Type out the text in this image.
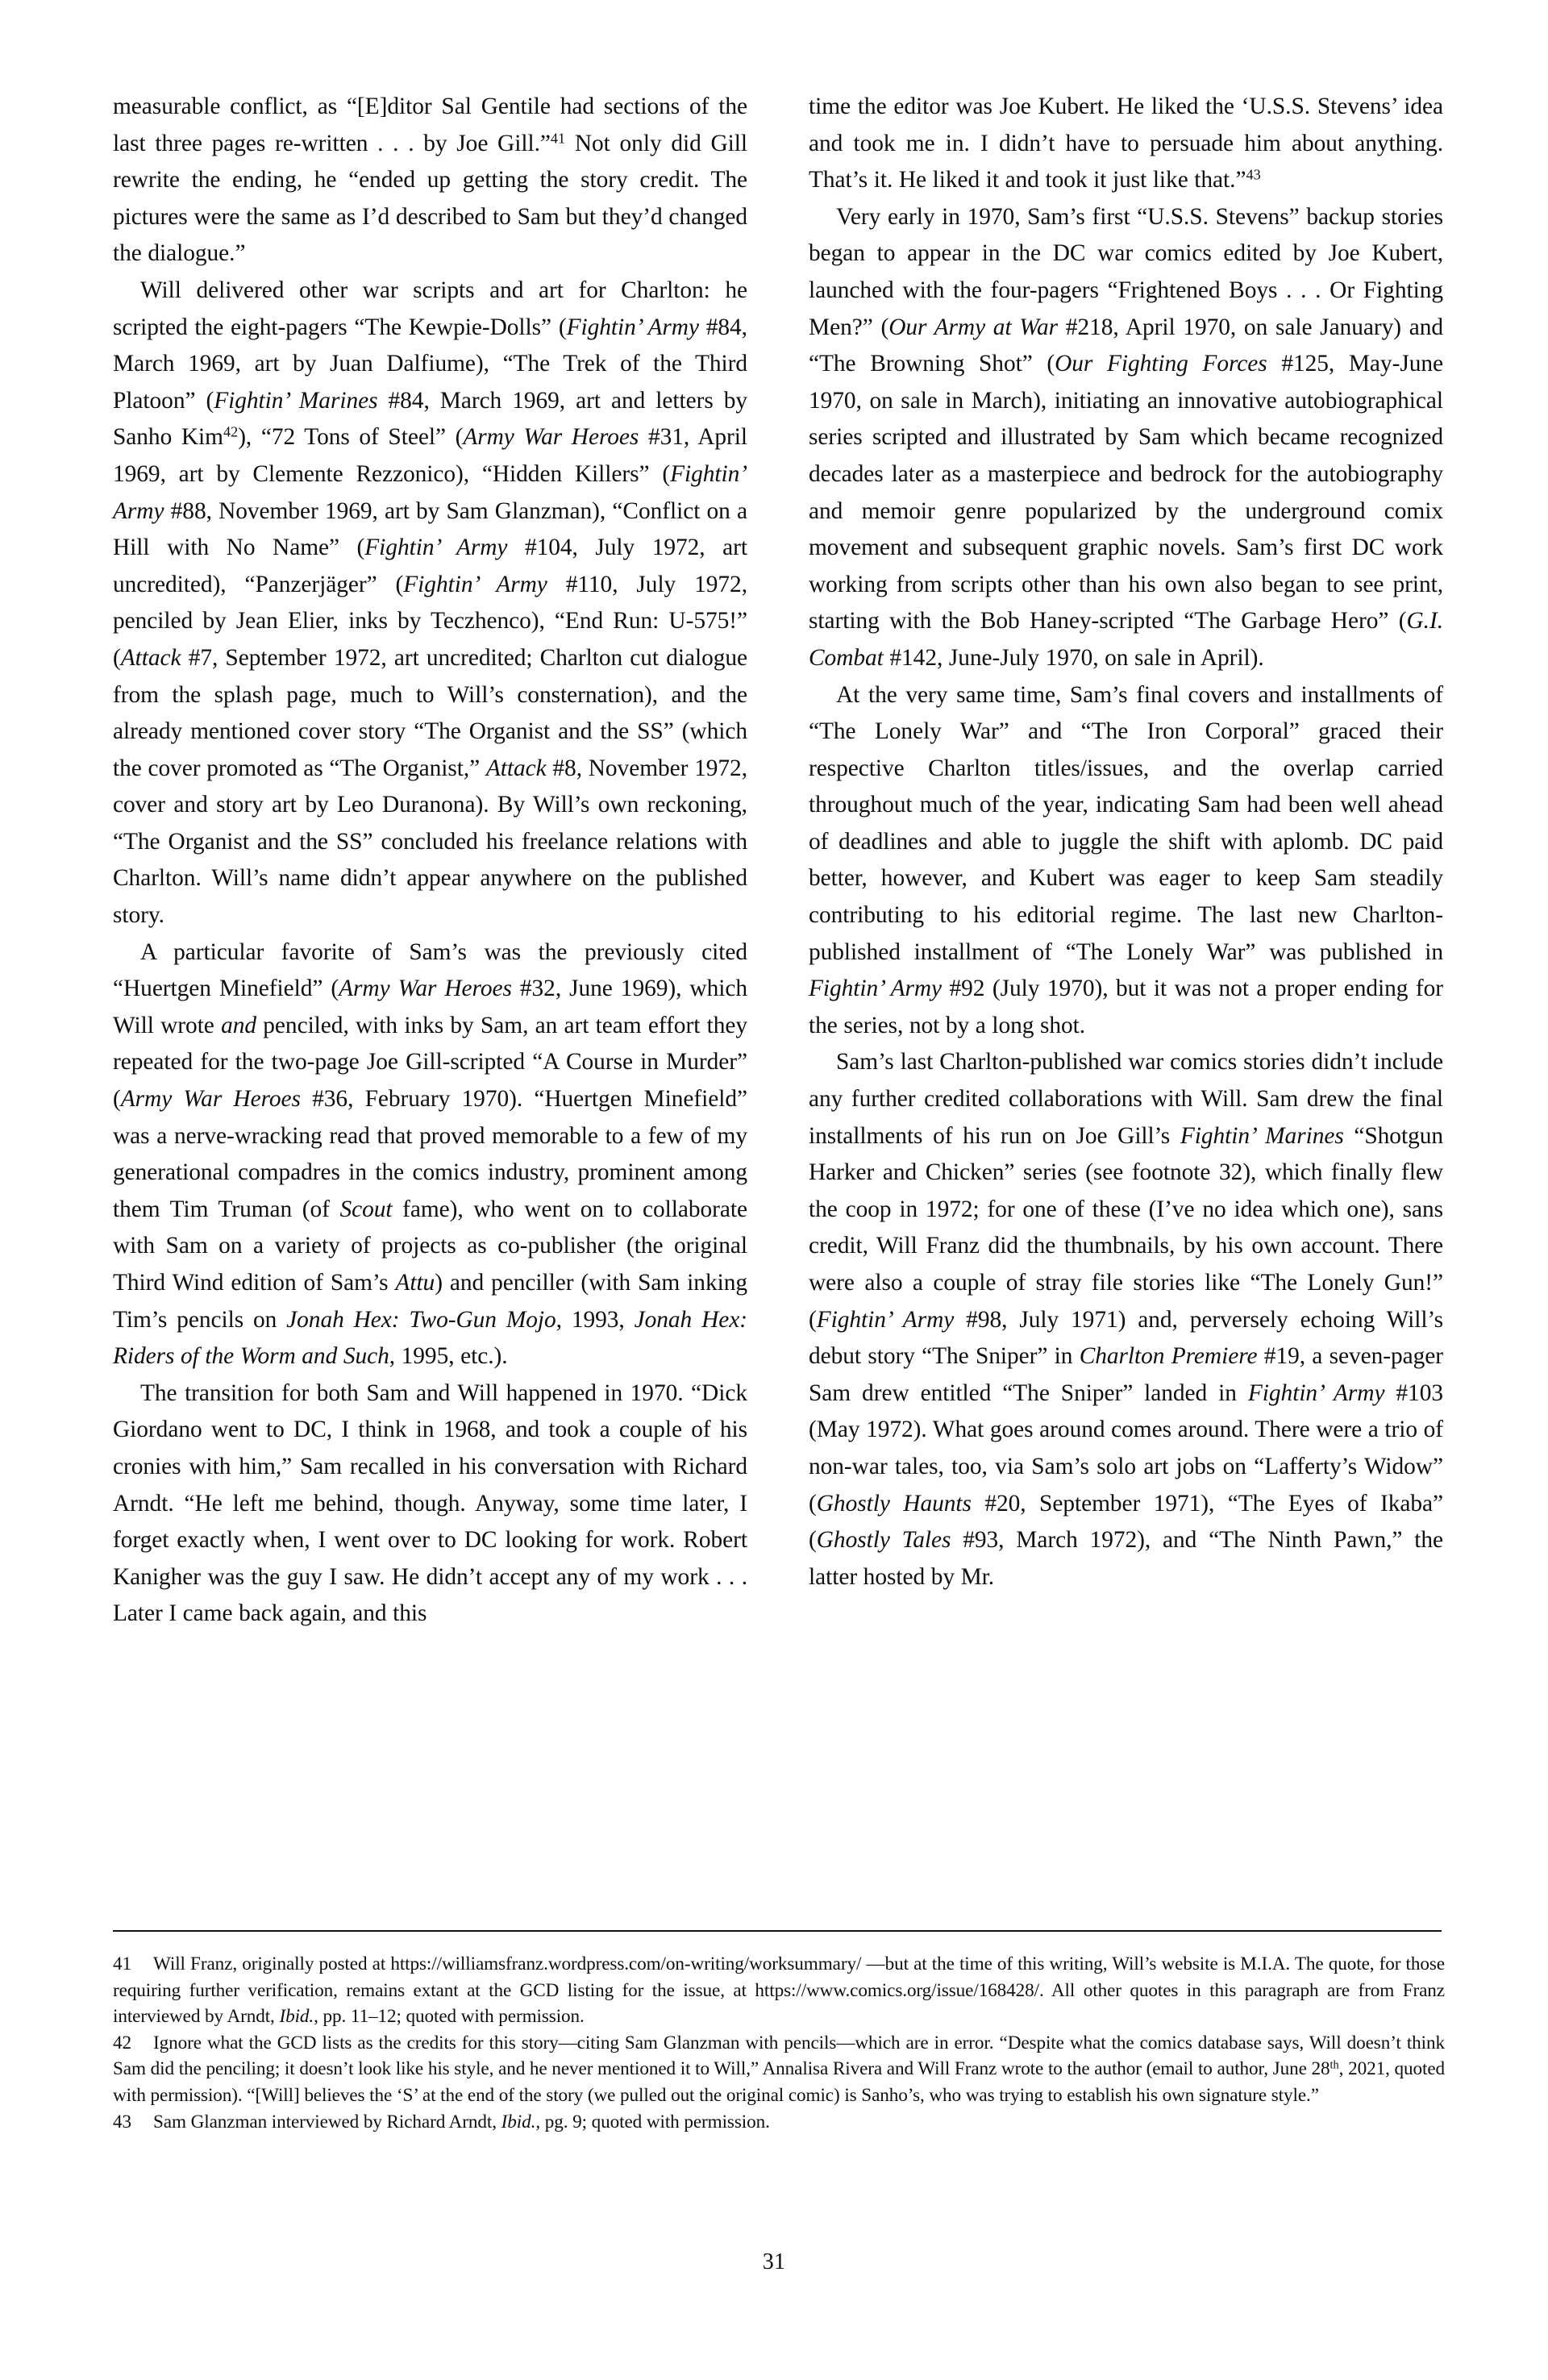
measurable conflict, as “[E]ditor Sal Gentile had sections of the last three pages re-written . . . by Joe Gill.”$^{41}$ Not only did Gill rewrite the ending, he “ended up getting the story credit. The pictures were the same as I’d described to Sam but they’d changed the dialogue.”

Will delivered other war scripts and art for Charlton: he scripted the eight-pagers “The Kewpie-Dolls” (Fightin’ Army #84, March 1969, art by Juan Dalfiume), “The Trek of the Third Platoon” (Fightin’ Marines #84, March 1969, art and letters by Sanho Kim$^{42}$), “72 Tons of Steel” (Army War Heroes #31, April 1969, art by Clemente Rezzonico), “Hidden Killers” (Fightin’ Army #88, November 1969, art by Sam Glanzman), “Conflict on a Hill with No Name” (Fightin’ Army #104, July 1972, art uncredited), “Panzerjäger” (Fightin’ Army #110, July 1972, penciled by Jean Elier, inks by Teczhenco), “End Run: U-575!” (Attack #7, September 1972, art uncredited; Charlton cut dialogue from the splash page, much to Will’s consternation), and the already mentioned cover story “The Organist and the SS” (which the cover promoted as “The Organist,” Attack #8, November 1972, cover and story art by Leo Duranona). By Will’s own reckoning, “The Organist and the SS” concluded his freelance relations with Charlton. Will’s name didn’t appear anywhere on the published story.

A particular favorite of Sam’s was the previously cited “Huertgen Minefield” (Army War Heroes #32, June 1969), which Will wrote and penciled, with inks by Sam, an art team effort they repeated for the two-page Joe Gill-scripted “A Course in Murder” (Army War Heroes #36, February 1970). “Huertgen Minefield” was a nerve-wracking read that proved memorable to a few of my generational compadres in the comics industry, prominent among them Tim Truman (of Scout fame), who went on to collaborate with Sam on a variety of projects as co-publisher (the original Third Wind edition of Sam’s Attu) and penciller (with Sam inking Tim’s pencils on Jonah Hex: Two-Gun Mojo, 1993, Jonah Hex: Riders of the Worm and Such, 1995, etc.).

The transition for both Sam and Will happened in 1970. “Dick Giordano went to DC, I think in 1968, and took a couple of his cronies with him,” Sam recalled in his conversation with Richard Arndt. “He left me behind, though. Anyway, some time later, I forget exactly when, I went over to DC looking for work. Robert Kanigher was the guy I saw. He didn’t accept any of my work . . . Later I came back again, and this

time the editor was Joe Kubert. He liked the ‘U.S.S. Stevens’ idea and took me in. I didn’t have to persuade him about anything. That’s it. He liked it and took it just like that.”$^{43}$

Very early in 1970, Sam’s first “U.S.S. Stevens” backup stories began to appear in the DC war comics edited by Joe Kubert, launched with the four-pagers “Frightened Boys . . . Or Fighting Men?” (Our Army at War #218, April 1970, on sale January) and “The Browning Shot” (Our Fighting Forces #125, May-June 1970, on sale in March), initiating an innovative autobiographical series scripted and illustrated by Sam which became recognized decades later as a masterpiece and bedrock for the autobiography and memoir genre popularized by the underground comix movement and subsequent graphic novels. Sam’s first DC work working from scripts other than his own also began to see print, starting with the Bob Haney-scripted “The Garbage Hero” (G.I. Combat #142, June-July 1970, on sale in April).

At the very same time, Sam’s final covers and installments of “The Lonely War” and “The Iron Corporal” graced their respective Charlton titles/issues, and the overlap carried throughout much of the year, indicating Sam had been well ahead of deadlines and able to juggle the shift with aplomb. DC paid better, however, and Kubert was eager to keep Sam steadily contributing to his editorial regime. The last new Charlton-published installment of “The Lonely War” was published in Fightin’ Army #92 (July 1970), but it was not a proper ending for the series, not by a long shot.

Sam’s last Charlton-published war comics stories didn’t include any further credited collaborations with Will. Sam drew the final installments of his run on Joe Gill’s Fightin’ Marines “Shotgun Harker and Chicken” series (see footnote 32), which finally flew the coop in 1972; for one of these (I’ve no idea which one), sans credit, Will Franz did the thumbnails, by his own account. There were also a couple of stray file stories like “The Lonely Gun!” (Fightin’ Army #98, July 1971) and, perversely echoing Will’s debut story “The Sniper” in Charlton Premiere #19, a seven-pager Sam drew entitled “The Sniper” landed in Fightin’ Army #103 (May 1972). What goes around comes around. There were a trio of non-war tales, too, via Sam’s solo art jobs on “Lafferty’s Widow” (Ghostly Haunts #20, September 1971), “The Eyes of Ikaba” (Ghostly Tales #93, March 1972), and “The Ninth Pawn,” the latter hosted by Mr.

41 Will Franz, originally posted at https://williamsfranz.wordpress.com/on-writing/worksummary/ —but at the time of this writing, Will’s website is M.I.A. The quote, for those requiring further verification, remains extant at the GCD listing for the issue, at https://www.comics.org/issue/168428/. All other quotes in this paragraph are from Franz interviewed by Arndt, Ibid., pp. 11–12; quoted with permission.

42 Ignore what the GCD lists as the credits for this story—citing Sam Glanzman with pencils—which are in error. “Despite what the comics database says, Will doesn’t think Sam did the penciling; it doesn’t look like his style, and he never mentioned it to Will,” Annalisa Rivera and Will Franz wrote to the author (email to author, June 28th, 2021, quoted with permission). “[Will] believes the ‘S’ at the end of the story (we pulled out the original comic) is Sanho’s, who was trying to establish his own signature style.”

43 Sam Glanzman interviewed by Richard Arndt, Ibid., pg. 9; quoted with permission.

31
